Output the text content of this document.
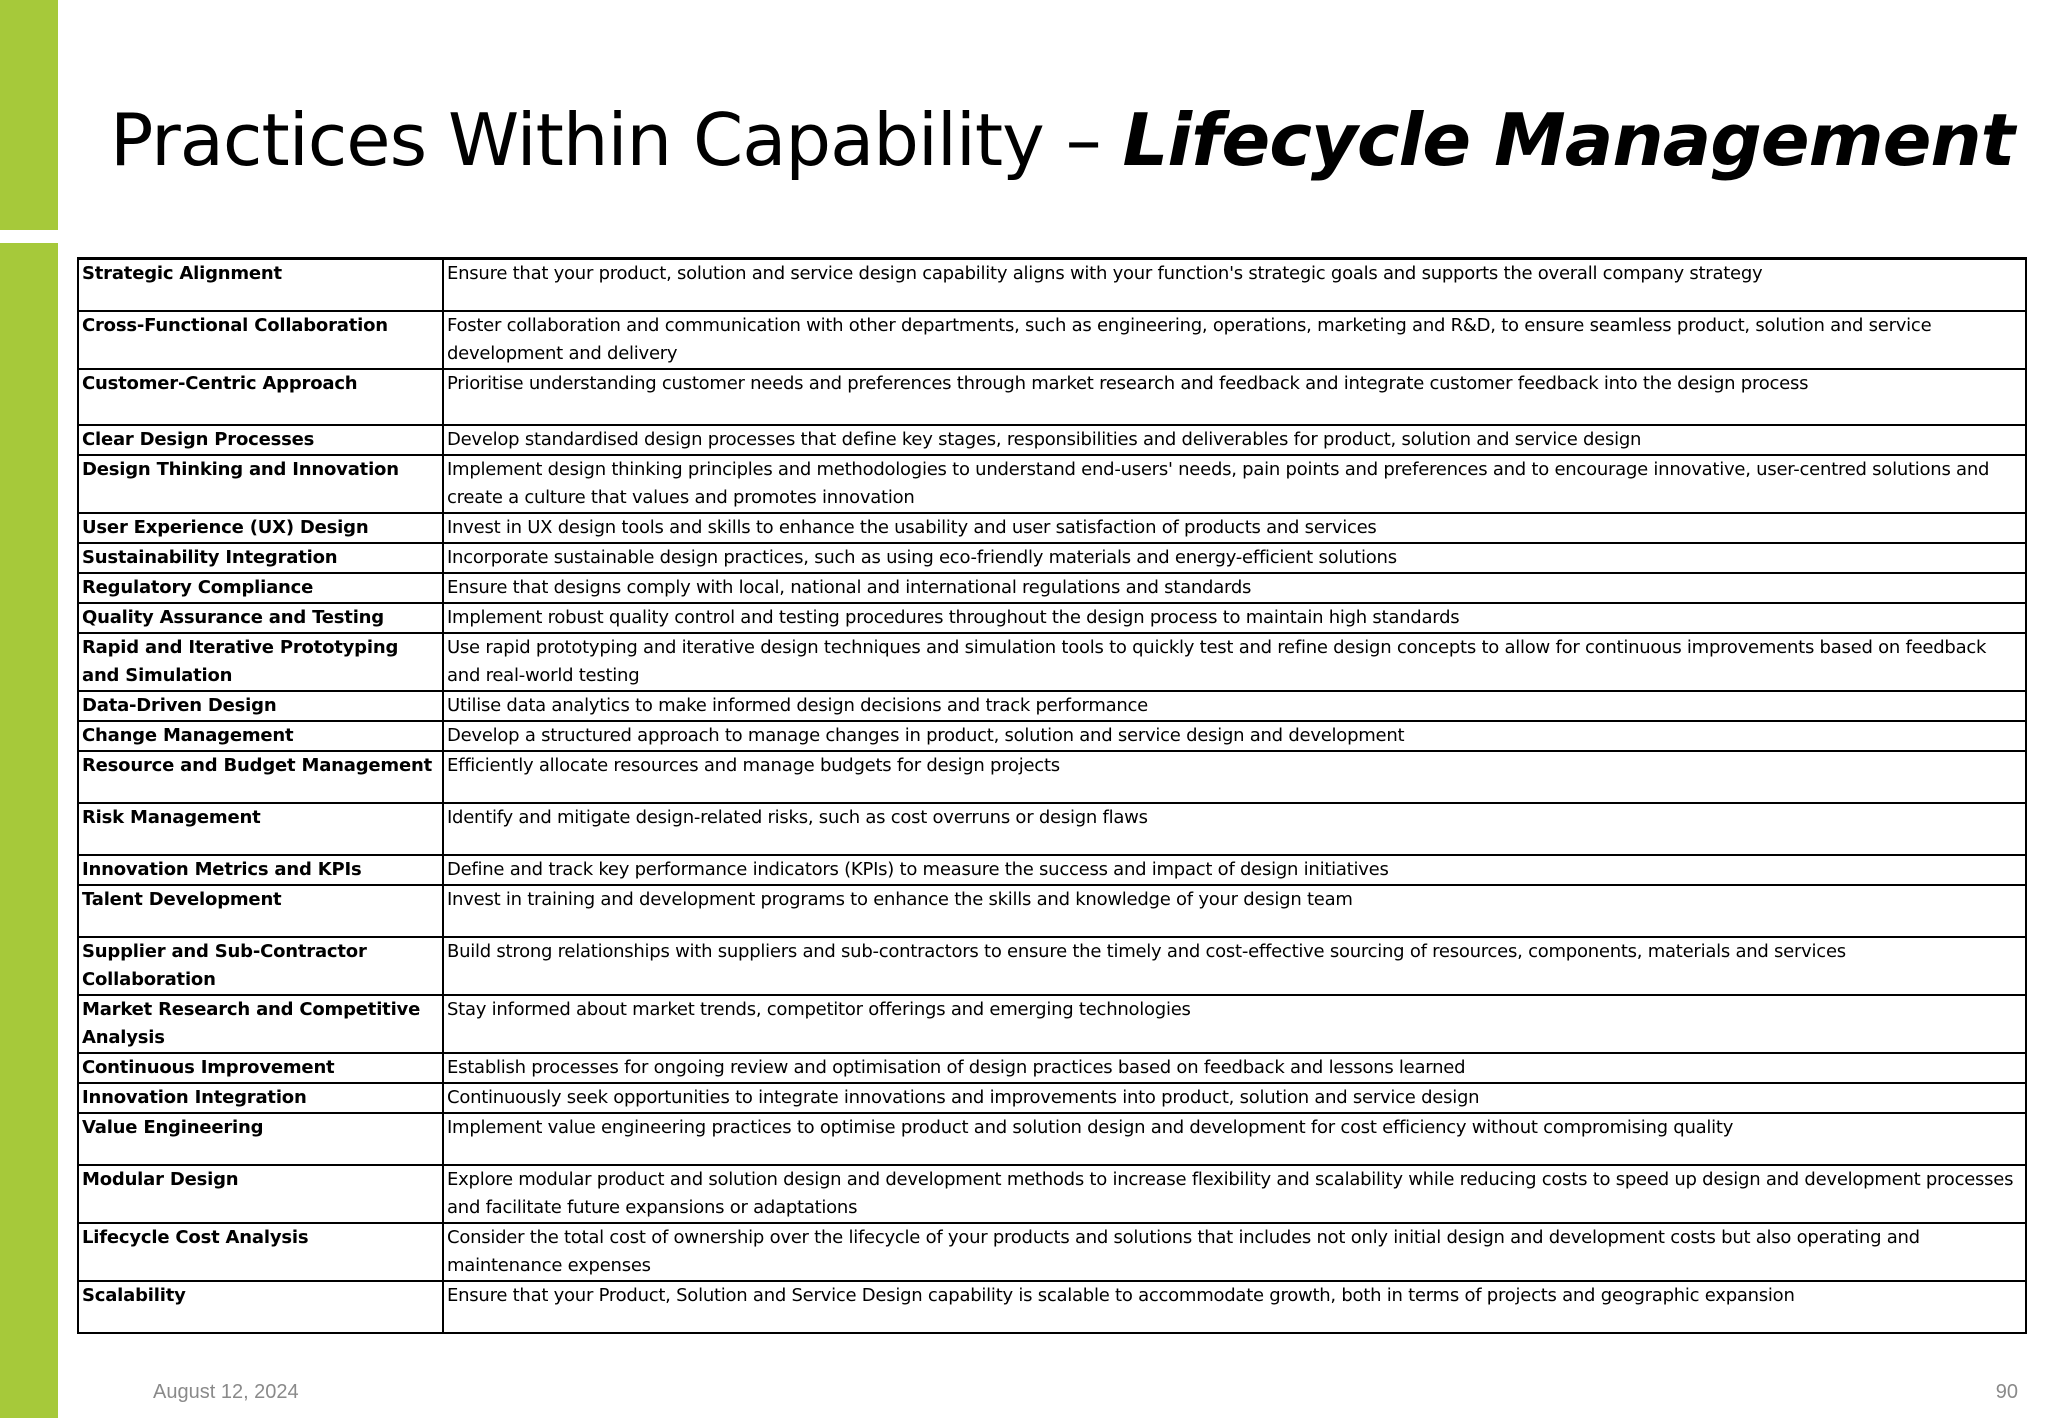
Practices Within Capability – Lifecycle Management
Strategic Alignment	Ensure that your product, solution and service design capability aligns with your function's strategic goals and supports the overall company strategy
Cross-Functional Collaboration	Foster collaboration and communication with other departments, such as engineering, operations, marketing and R&D, to ensure seamless product, solution and service development and delivery
Customer-Centric Approach	Prioritise understanding customer needs and preferences through market research and feedback and integrate customer feedback into the design process
Clear Design Processes	Develop standardised design processes that define key stages, responsibilities and deliverables for product, solution and service design
Design Thinking and Innovation	Implement design thinking principles and methodologies to understand end-users' needs, pain points and preferences and to encourage innovative, user-centred solutions and create a culture that values and promotes innovation
User Experience (UX) Design	Invest in UX design tools and skills to enhance the usability and user satisfaction of products and services
Sustainability Integration	Incorporate sustainable design practices, such as using eco-friendly materials and energy-efficient solutions
Regulatory Compliance	Ensure that designs comply with local, national and international regulations and standards
Quality Assurance and Testing	Implement robust quality control and testing procedures throughout the design process to maintain high standards
Rapid and Iterative Prototyping and Simulation	Use rapid prototyping and iterative design techniques and simulation tools to quickly test and refine design concepts to allow for continuous improvements based on feedback and real-world testing
Data-Driven Design	Utilise data analytics to make informed design decisions and track performance
Change Management	Develop a structured approach to manage changes in product, solution and service design and development
Resource and Budget Management	Efficiently allocate resources and manage budgets for design projects
Risk Management	Identify and mitigate design-related risks, such as cost overruns or design flaws
Innovation Metrics and KPIs	Define and track key performance indicators (KPIs) to measure the success and impact of design initiatives
Talent Development	Invest in training and development programs to enhance the skills and knowledge of your design team
Supplier and Sub-Contractor Collaboration	Build strong relationships with suppliers and sub-contractors to ensure the timely and cost-effective sourcing of resources, components, materials and services
Market Research and Competitive Analysis	Stay informed about market trends, competitor offerings and emerging technologies
Continuous Improvement	Establish processes for ongoing review and optimisation of design practices based on feedback and lessons learned
Innovation Integration	Continuously seek opportunities to integrate innovations and improvements into product, solution and service design
Value Engineering	Implement value engineering practices to optimise product and solution design and development for cost efficiency without compromising quality
Modular Design	Explore modular product and solution design and development methods to increase flexibility and scalability while reducing costs to speed up design and development processes and facilitate future expansions or adaptations
Lifecycle Cost Analysis	Consider the total cost of ownership over the lifecycle of your products and solutions that includes not only initial design and development costs but also operating and maintenance expenses
Scalability	Ensure that your Product, Solution and Service Design capability is scalable to accommodate growth, both in terms of projects and geographic expansion
August 12, 2024	90
